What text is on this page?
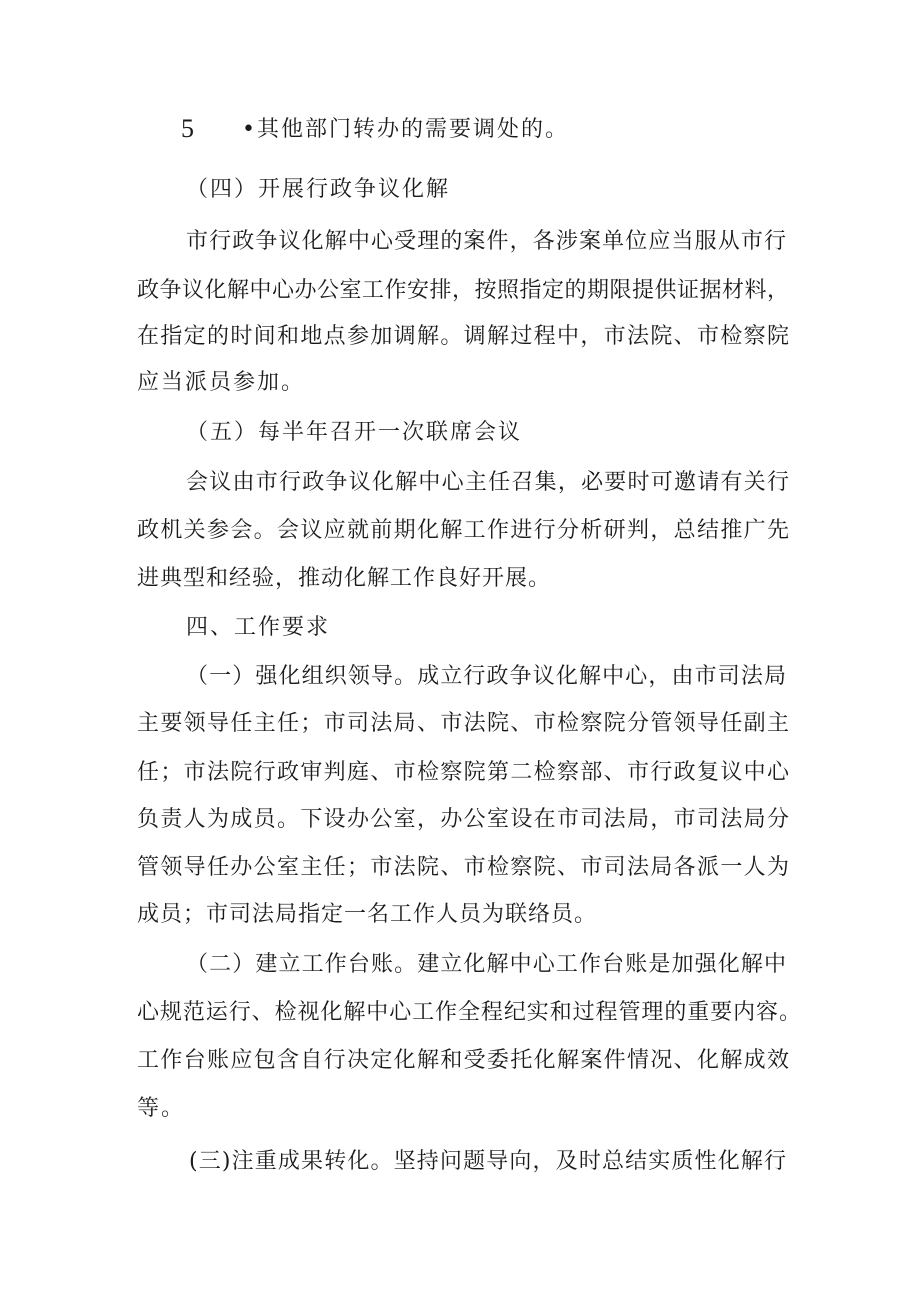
5 •其他部门转办的需要调处的。
（四）开展行政争议化解
市行政争议化解中心受理的案件，各涉案单位应当服从市行
政争议化解中心办公室工作安排，按照指定的期限提供证据材料，
在指定的时间和地点参加调解。调解过程中，市法院、市检察院
应当派员参加。
（五）每半年召开一次联席会议
会议由市行政争议化解中心主任召集，必要时可邀请有关行
政机关参会。会议应就前期化解工作进行分析研判，总结推广先
进典型和经验，推动化解工作良好开展。
四、工作要求
（一）强化组织领导。成立行政争议化解中心，由市司法局
主要领导任主任；市司法局、市法院、市检察院分管领导任副主
任；市法院行政审判庭、市检察院第二检察部、市行政复议中心
负责人为成员。下设办公室，办公室设在市司法局，市司法局分
管领导任办公室主任；市法院、市检察院、市司法局各派一人为
成员；市司法局指定一名工作人员为联络员。
（二）建立工作台账。建立化解中心工作台账是加强化解中
心规范运行、检视化解中心工作全程纪实和过程管理的重要内容。
工作台账应包含自行决定化解和受委托化解案件情况、化解成效
等。
(三)注重成果转化。坚持问题导向，及时总结实质性化解行
